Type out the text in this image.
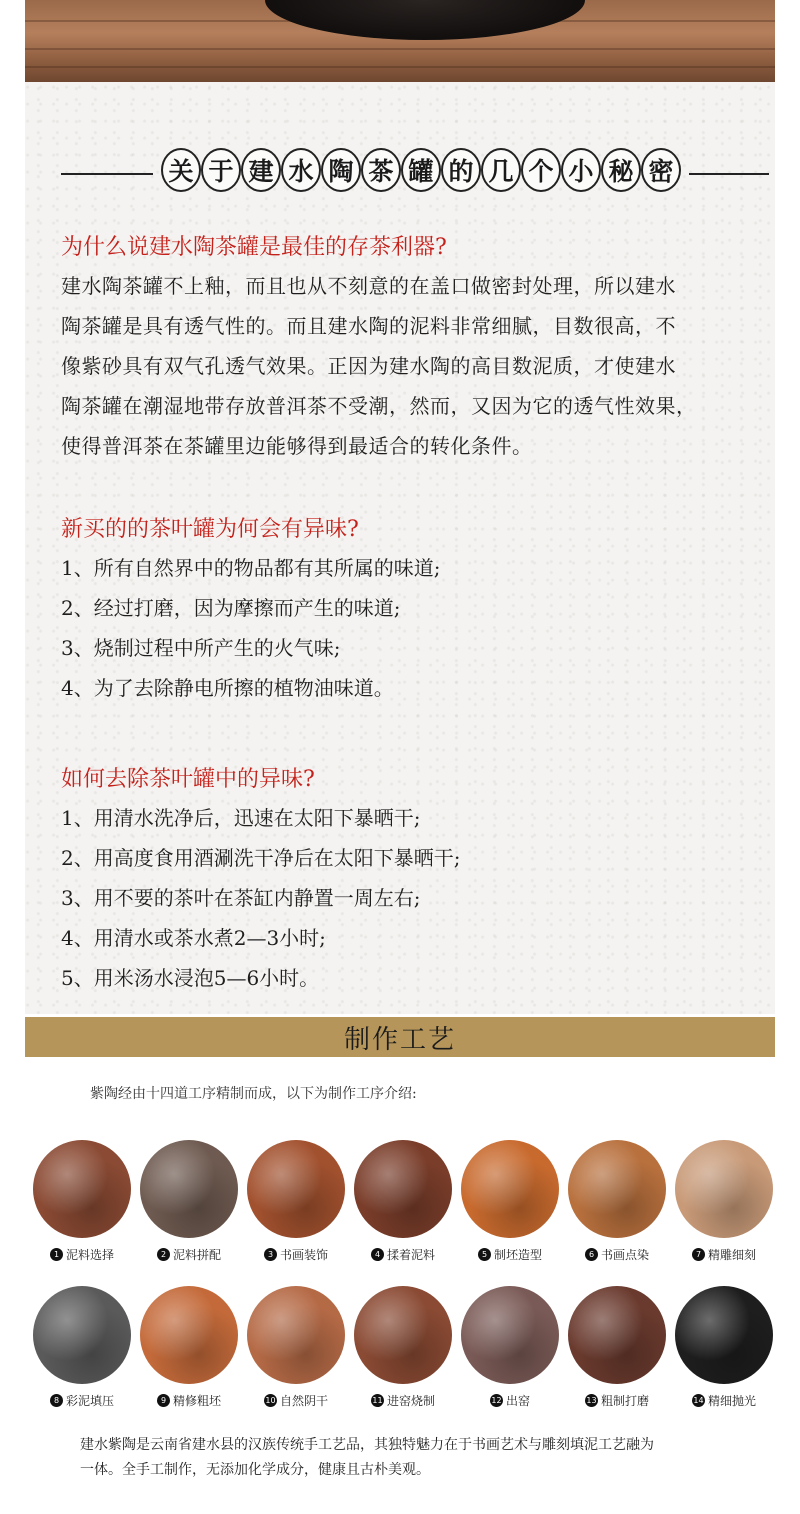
关 于 建 水 陶 茶 罐 的 几 个 小 秘 密
为什么说建水陶茶罐是最佳的存茶利器?

建水陶茶罐不上釉，而且也从不刻意的在盖口做密封处理，所以建水

陶茶罐是具有透气性的。而且建水陶的泥料非常细腻，目数很高，不

像紫砂具有双气孔透气效果。正因为建水陶的高目数泥质，才使建水

陶茶罐在潮湿地带存放普洱茶不受潮，然而，又因为它的透气性效果，

使得普洱茶在茶罐里边能够得到最适合的转化条件。

新买的的茶叶罐为何会有异味?
1、所有自然界中的物品都有其所属的味道;
2、经过打磨，因为摩擦而产生的味道;
3、烧制过程中所产生的火气味;
4、为了去除静电所擦的植物油味道。
如何去除茶叶罐中的异味?
1、用清水洗净后，迅速在太阳下暴晒干;
2、用高度食用酒涮洗干净后在太阳下暴晒干;
3、用不要的茶叶在茶缸内静置一周左右;
4、用清水或茶水煮2—3小时;
5、用米汤水浸泡5—6小时。
制作工艺
紫陶经由十四道工序精制而成，以下为制作工序介绍:
1 泥料选择	2 泥料拼配	3 书画装饰	4 揉着泥料	5 制坯造型	6 书画点染	7 精雕细刻
8 彩泥填压	9 精修粗坯	10 自然阴干	11 进窑烧制	12 出窑	13 粗制打磨	14 精细抛光
建水紫陶是云南省建水县的汉族传统手工艺品，其独特魅力在于书画艺术与雕刻填泥工艺融为
一体。全手工制作，无添加化学成分，健康且古朴美观。
